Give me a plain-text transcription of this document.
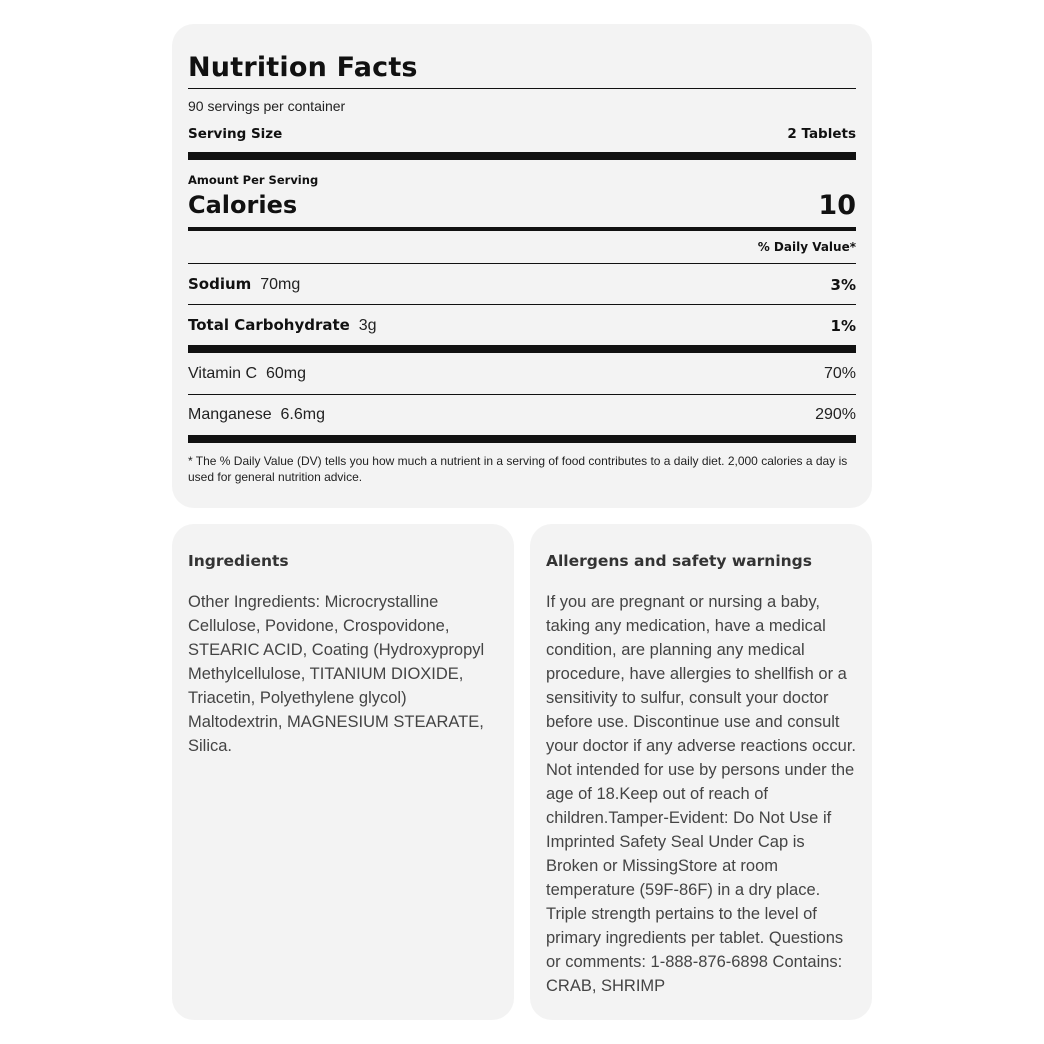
Nutrition Facts
90 servings per container
Serving Size	2 Tablets
Amount Per Serving
Calories	10
% Daily Value*
Sodium 70mg	3%
Total Carbohydrate 3g	1%
Vitamin C 60mg	70%
Manganese 6.6mg	290%
* The % Daily Value (DV) tells you how much a nutrient in a serving of food contributes to a daily diet. 2,000 calories a day is used for general nutrition advice.
Ingredients
Other Ingredients: Microcrystalline Cellulose, Povidone, Crospovidone, STEARIC ACID, Coating (Hydroxypropyl Methylcellulose, TITANIUM DIOXIDE, Triacetin, Polyethylene glycol) Maltodextrin, MAGNESIUM STEARATE, Silica.
Allergens and safety warnings
If you are pregnant or nursing a baby, taking any medication, have a medical condition, are planning any medical procedure, have allergies to shellfish or a sensitivity to sulfur, consult your doctor before use. Discontinue use and consult your doctor if any adverse reactions occur. Not intended for use by persons under the age of 18.Keep out of reach of children.Tamper-Evident: Do Not Use if Imprinted Safety Seal Under Cap is Broken or MissingStore at room temperature (59F-86F) in a dry place. Triple strength pertains to the level of primary ingredients per tablet. Questions or comments: 1-888-876-6898 Contains: CRAB, SHRIMP
